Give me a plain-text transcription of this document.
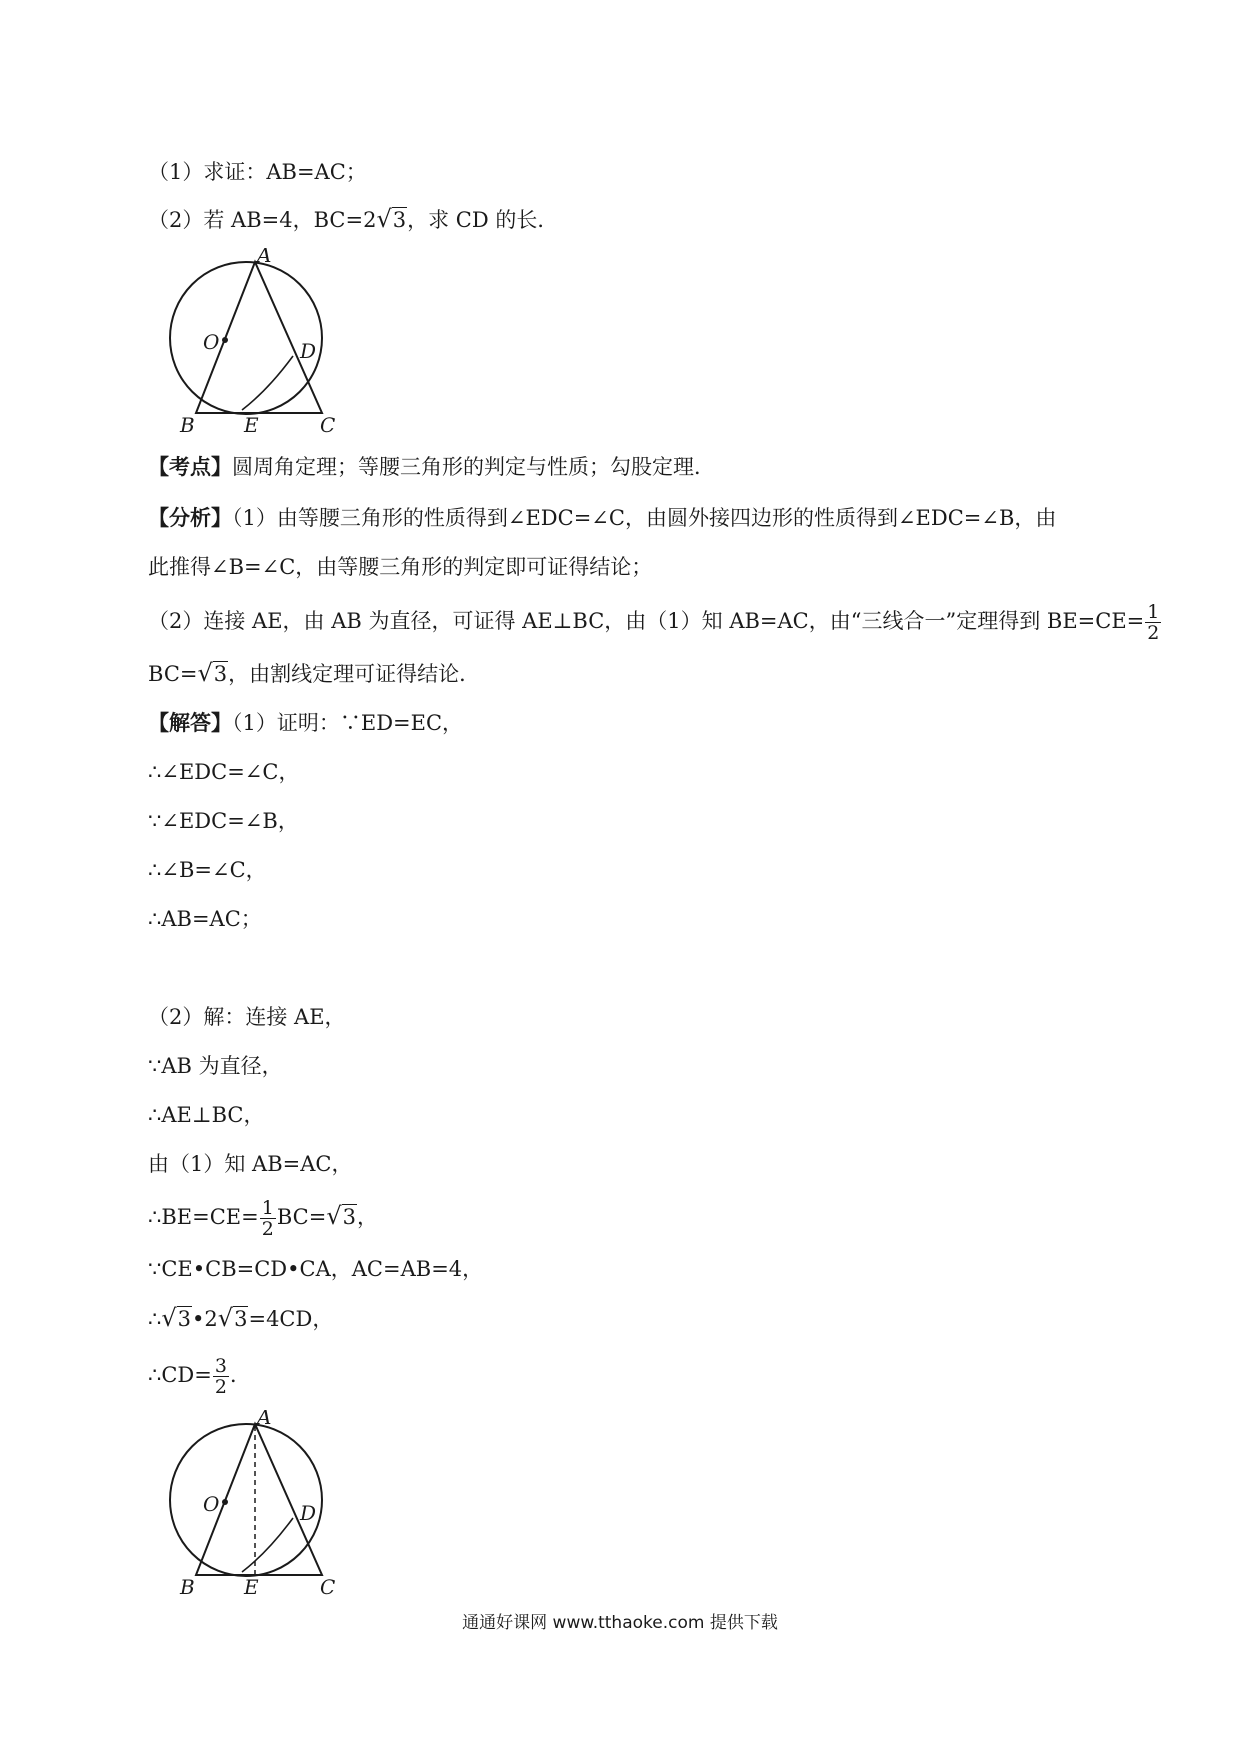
（1）求证：AB=AC；
（2）若 AB=4，BC=2√3，求 CD 的长．
A
O	D
B E	C
【考点】圆周角定理；等腰三角形的判定与性质；勾股定理．
【分析】（1）由等腰三角形的性质得到∠EDC=∠C，由圆外接四边形的性质得到∠EDC=∠B，由
此推得∠B=∠C，由等腰三角形的判定即可证得结论；
（2）连接 AE，由 AB 为直径，可证得 AE⊥BC，由（1）知 AB=AC，由“三线合一”定理得到 $BE=CE= \frac{1}{2}$
BC=√3，由割线定理可证得结论．
【解答】（1）证明：∵ED=EC，
∴∠EDC=∠C，
∵∠EDC=∠B，
∴∠B=∠C，
∴AB=AC；
（2）解：连接 AE，
∵AB 为直径，
∴AE⊥BC，
由（1）知 AB=AC，
∴BE=CE= $\frac{1}{2} BC=√3$，
∵CE•CB=CD•CA，AC=AB=4，
∴√3•2√3=4CD，
∴CD= $\frac{3}{2}$ ．
A
O	D
B E	C
通通好课网 www.tthaoke.com 提供下载
